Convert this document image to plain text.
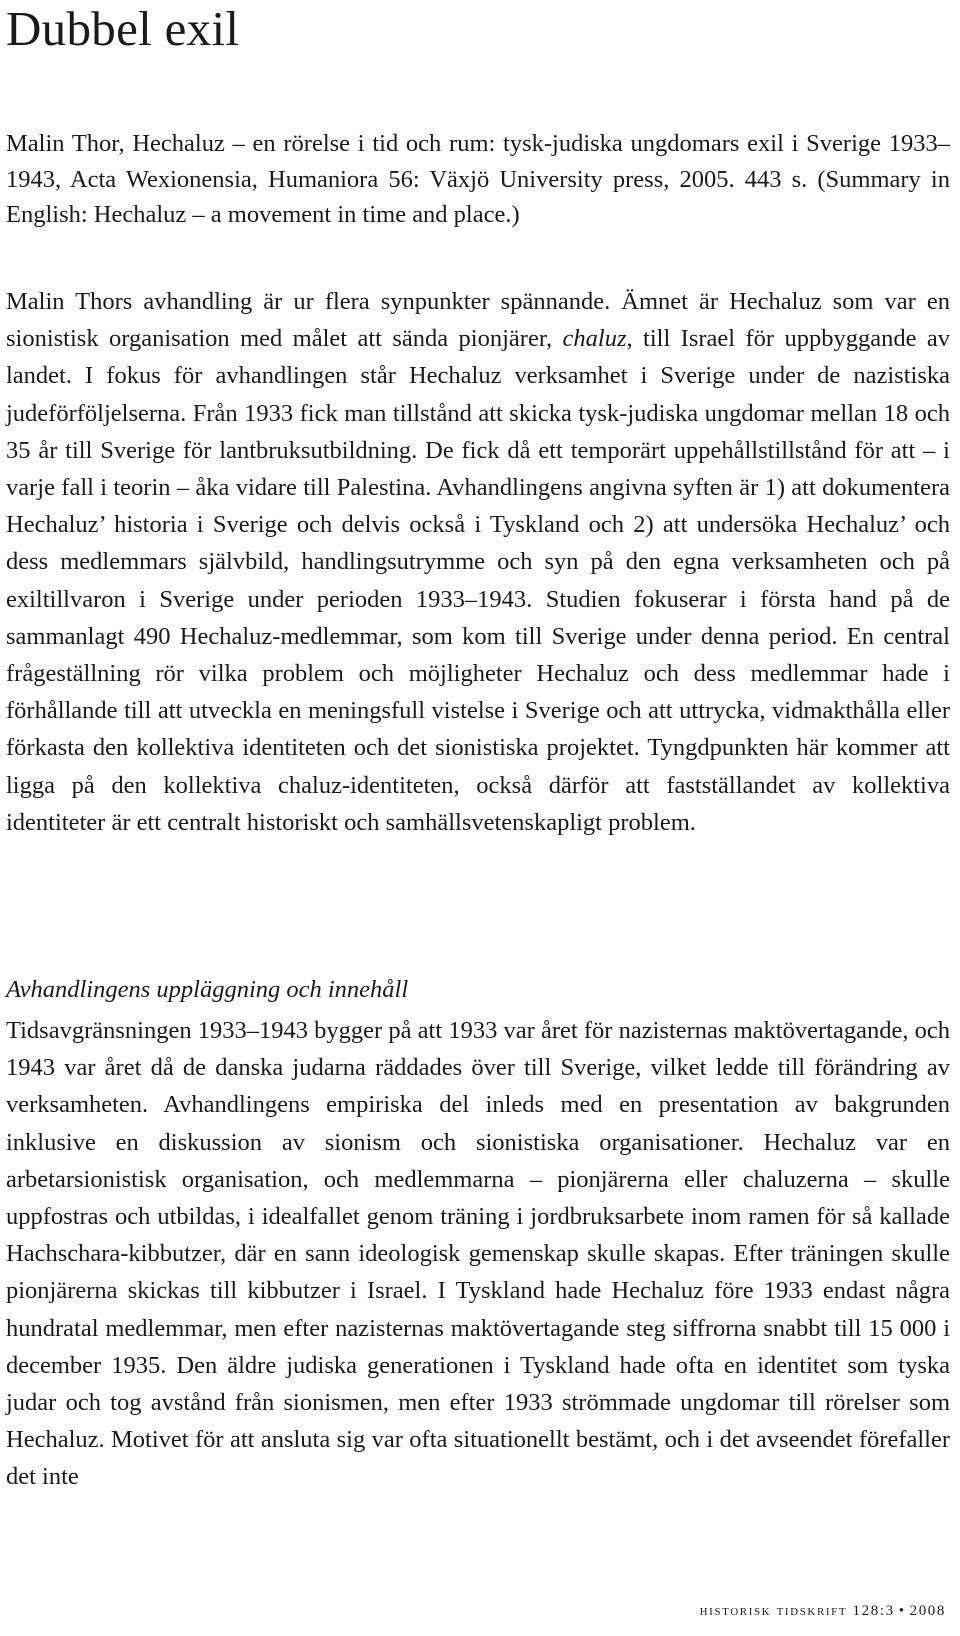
Dubbel exil
Malin Thor, Hechaluz – en rörelse i tid och rum: tysk-judiska ungdomars exil i Sverige 1933–1943, Acta Wexionensia, Humaniora 56: Växjö University press, 2005. 443 s. (Summary in English: Hechaluz – a movement in time and place.)
Malin Thors avhandling är ur flera synpunkter spännande. Ämnet är Hechaluz som var en sionistisk organisation med målet att sända pionjärer, chaluz, till Israel för uppbyggande av landet. I fokus för avhandlingen står Hechaluz verksamhet i Sverige under de nazistiska judeförföljelserna. Från 1933 fick man tillstånd att skicka tysk-judiska ungdomar mellan 18 och 35 år till Sverige för lantbruksutbildning. De fick då ett temporärt uppehållstillstånd för att – i varje fall i teorin – åka vidare till Palestina. Avhandlingens angivna syften är 1) att dokumentera Hechaluz’ historia i Sverige och delvis också i Tyskland och 2) att undersöka Hechaluz’ och dess medlemmars självbild, handlingsutrymme och syn på den egna verksamheten och på exiltillvaron i Sverige under perioden 1933–1943. Studien fokuserar i första hand på de sammanlagt 490 Hechaluz-medlemmar, som kom till Sverige under denna period. En central frågeställning rör vilka problem och möjligheter Hechaluz och dess medlemmar hade i förhållande till att utveckla en meningsfull vistelse i Sverige och att uttrycka, vidmakthålla eller förkasta den kollektiva identiteten och det sionistiska projektet. Tyngdpunkten här kommer att ligga på den kollektiva chaluz-identiteten, också därför att fastställandet av kollektiva identiteter är ett centralt historiskt och samhällsvetenskapligt problem.
Avhandlingens uppläggning och innehåll
Tidsavgränsningen 1933–1943 bygger på att 1933 var året för nazisternas maktövertagande, och 1943 var året då de danska judarna räddades över till Sverige, vilket ledde till förändring av verksamheten. Avhandlingens empiriska del inleds med en presentation av bakgrunden inklusive en diskussion av sionism och sionistiska organisationer. Hechaluz var en arbetarsionistisk organisation, och medlemmarna – pionjärerna eller chaluzerna – skulle uppfostras och utbildas, i idealfallet genom träning i jordbruksarbete inom ramen för så kallade Hachschara-kibbutzer, där en sann ideologisk gemenskap skulle skapas. Efter träningen skulle pionjärerna skickas till kibbutzer i Israel. I Tyskland hade Hechaluz före 1933 endast några hundratal medlemmar, men efter nazisternas maktövertagande steg siffrorna snabbt till 15 000 i december 1935. Den äldre judiska generationen i Tyskland hade ofta en identitet som tyska judar och tog avstånd från sionismen, men efter 1933 strömmade ungdomar till rörelser som Hechaluz. Motivet för att ansluta sig var ofta situationellt bestämt, och i det avseendet förefaller det inte
historisk tidskrift 128:3 • 2008
